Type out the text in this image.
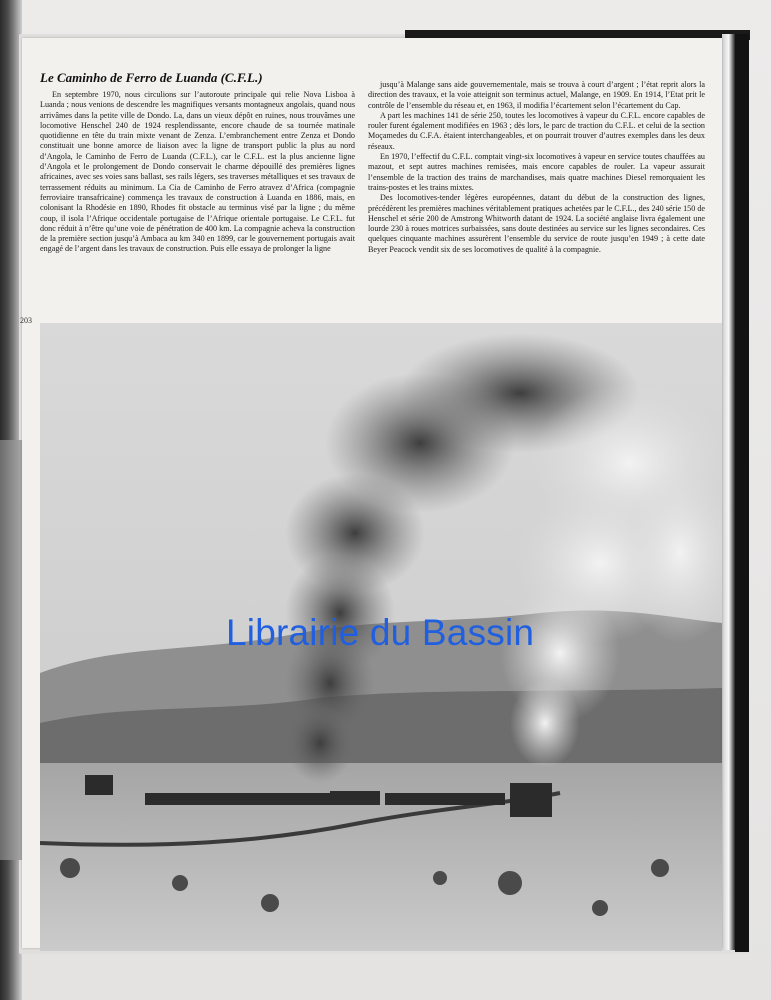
203
Le Caminho de Ferro de Luanda (C.F.L.)

En septembre 1970, nous circulions sur l’autoroute principale qui relie Nova Lisboa à Luanda ; nous venions de descendre les magnifiques versants montagneux angolais, quand nous arrivâmes dans la petite ville de Dondo. La, dans un vieux dépôt en ruines, nous trouvâmes une locomotive Henschel 240 de 1924 resplendissante, encore chaude de sa tournée matinale quotidienne en tête du train mixte venant de Zenza. L’embranchement entre Zenza et Dondo constituait une bonne amorce de liaison avec la ligne de transport public la plus au nord d’Angola, le Caminho de Ferro de Luanda (C.F.L.), car le C.F.L. est la plus ancienne ligne d’Angola et le prolongement de Dondo conservait le charme dépouillé des premières lignes africaines, avec ses voies sans ballast, ses rails légers, ses traverses métalliques et ses travaux de terrassement réduits au minimum. La Cia de Caminho de Ferro atravez d’Africa (compagnie ferroviaire transafricaine) commença les travaux de construction à Luanda en 1886, mais, en colonisant la Rhodésie en 1890, Rhodes fit obstacle au terminus visé par la ligne ; du même coup, il isola l’Afrique occidentale portugaise de l’Afrique orientale portugaise. Le C.F.L. fut donc réduit à n’être qu’une voie de pénétration de 400 km. La compagnie acheva la construction de la première section jusqu’à Ambaca au km 340 en 1899, car le gouvernement portugais avait engagé de l’argent dans les travaux de construction. Puis elle essaya de prolonger la ligne

jusqu’à Malange sans aide gouvernementale, mais se trouva à court d’argent ; l’état reprit alors la direction des travaux, et la voie atteignit son terminus actuel, Malange, en 1909. En 1914, l’Etat prit le contrôle de l’ensemble du réseau et, en 1963, il modifia l’écartement selon l’écartement du Cap.

A part les machines 141 de série 250, toutes les locomotives à vapeur du C.F.L. encore capables de rouler furent également modifiées en 1963 ; dès lors, le parc de traction du C.F.L. et celui de la section Moçamedes du C.F.A. étaient interchangeables, et on pourrait trouver d’autres exemples dans les deux réseaux.

En 1970, l’effectif du C.F.L. comptait vingt-six locomotives à vapeur en service toutes chauffées au mazout, et sept autres machines remisées, mais encore capables de rouler. La vapeur assurait l’ensemble de la traction des trains de marchandises, mais quatre machines Diesel remorquaient les trains-postes et les trains mixtes.

Des locomotives-tender légères européennes, datant du début de la construction des lignes, précédèrent les premières machines véritablement pratiques achetées par le C.F.L., des 240 série 150 de Henschel et série 200 de Amstrong Whitworth datant de 1924. La société anglaise livra également une lourde 230 à roues motrices surbaissées, sans doute destinées au service sur les lignes secondaires. Ces quelques cinquante machines assurèrent l’ensemble du service de route jusqu’en 1949 ; à cette date Beyer Peacock vendit six de ses locomotives de qualité à la compagnie.

Librairie du Bassin
